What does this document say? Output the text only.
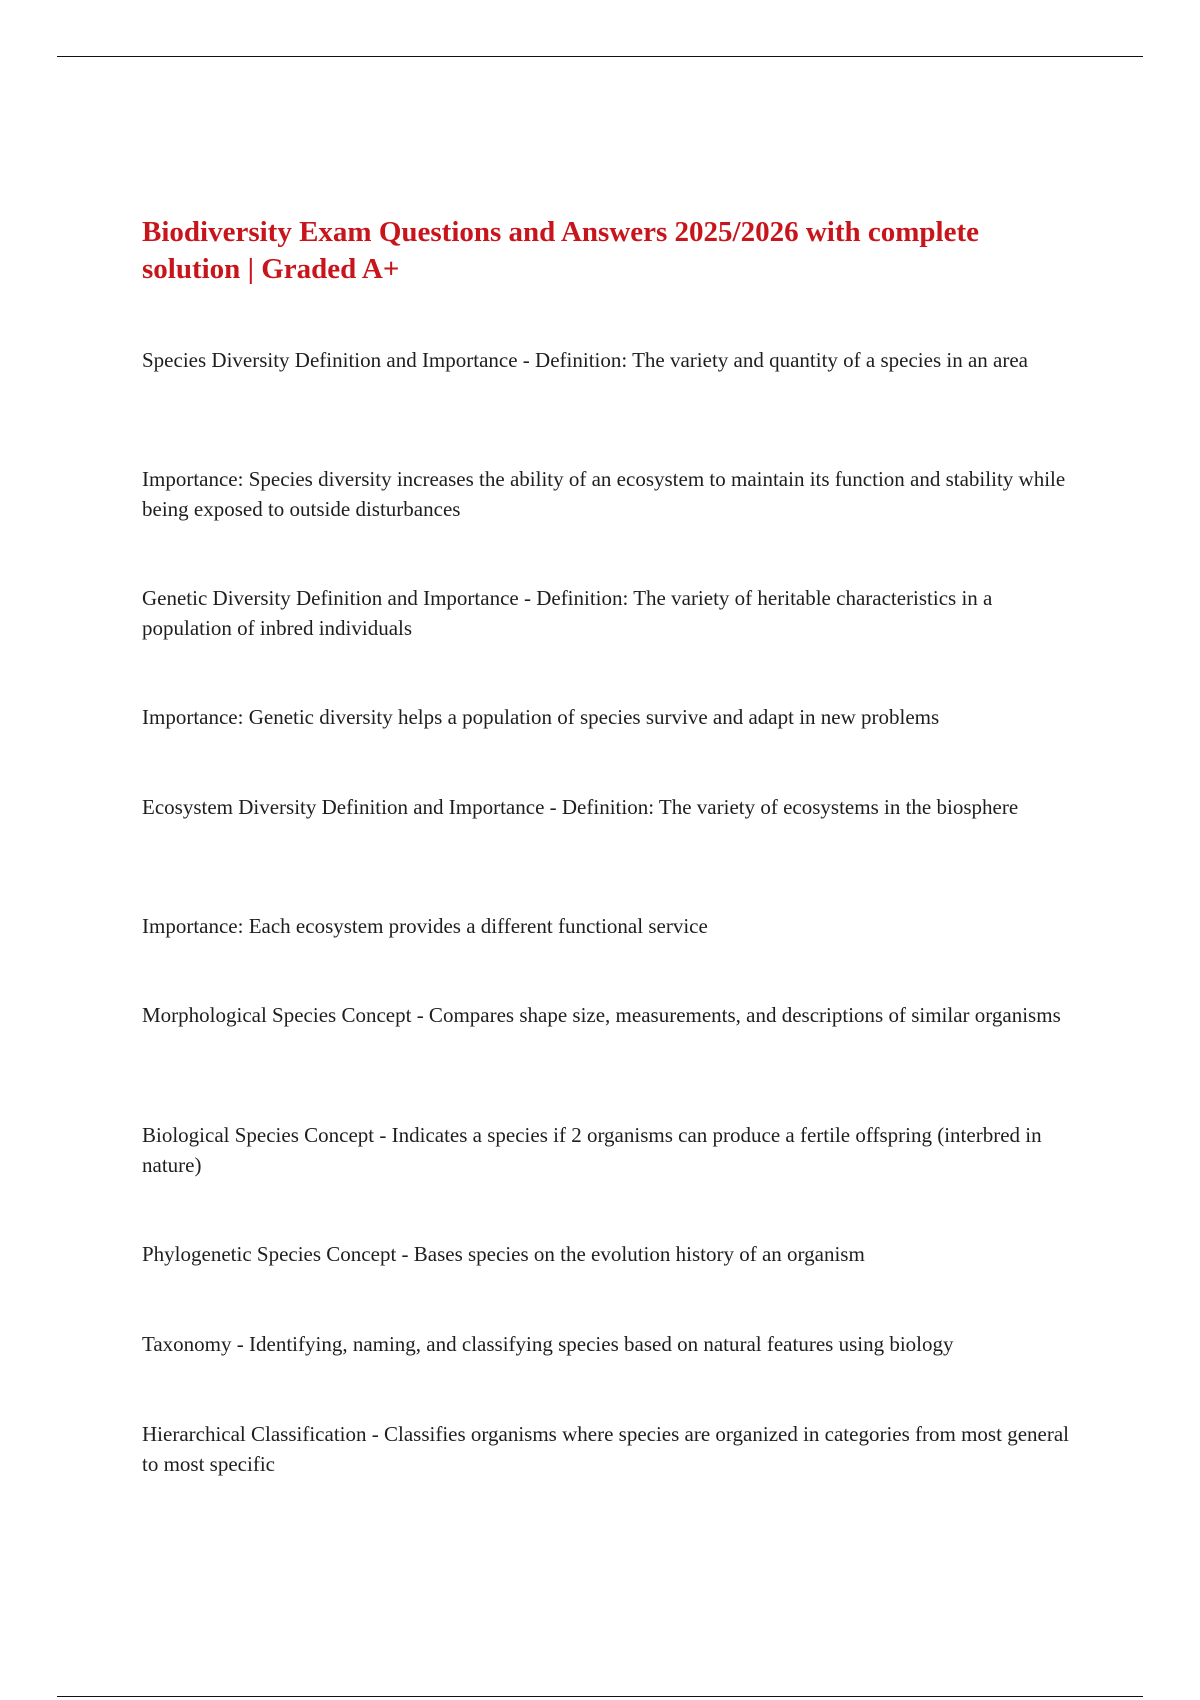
Biodiversity Exam Questions and Answers 2025/2026 with complete solution | Graded A+
Species Diversity Definition and Importance - Definition: The variety and quantity of a species in an area
Importance: Species diversity increases the ability of an ecosystem to maintain its function and stability while being exposed to outside disturbances
Genetic Diversity Definition and Importance - Definition: The variety of heritable characteristics in a population of inbred individuals
Importance: Genetic diversity helps a population of species survive and adapt in new problems
Ecosystem Diversity Definition and Importance - Definition: The variety of ecosystems in the biosphere
Importance: Each ecosystem provides a different functional service
Morphological Species Concept - Compares shape size, measurements, and descriptions of similar organisms
Biological Species Concept - Indicates a species if 2 organisms can produce a fertile offspring (interbred in nature)
Phylogenetic Species Concept - Bases species on the evolution history of an organism
Taxonomy - Identifying, naming, and classifying species based on natural features using biology
Hierarchical Classification - Classifies organisms where species are organized in categories from most general to most specific
